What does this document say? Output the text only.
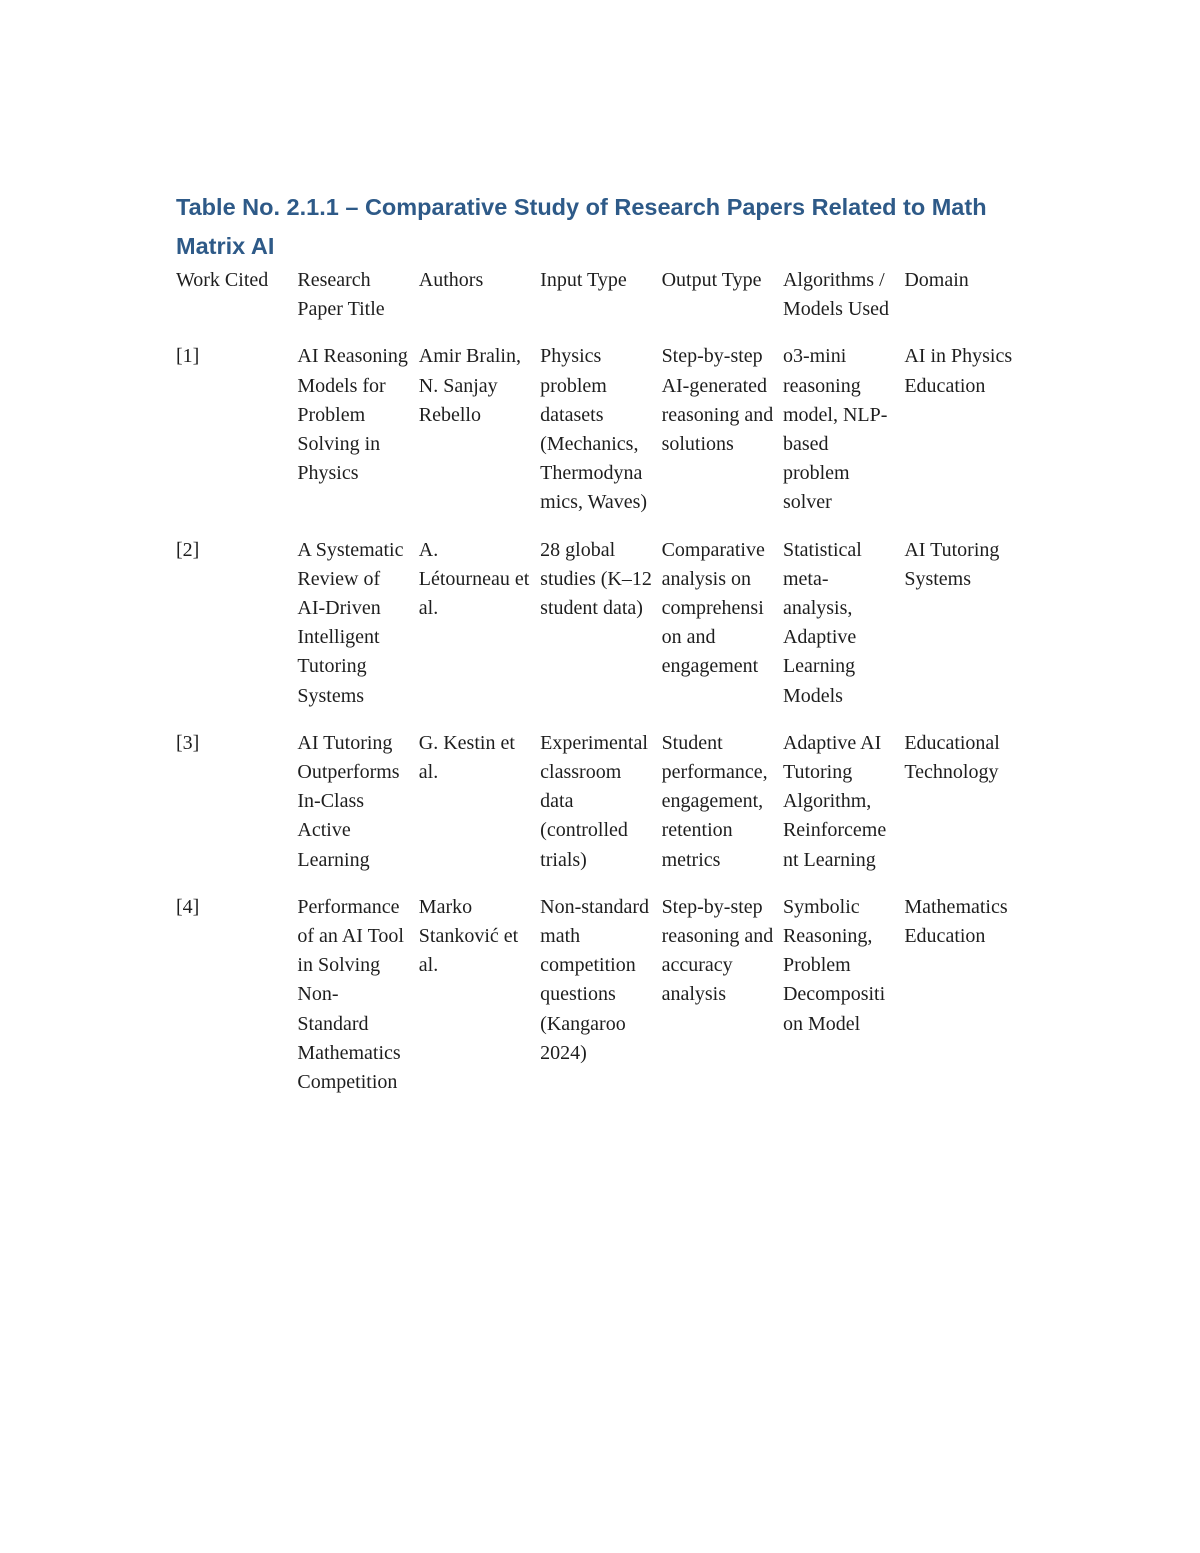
Table No. 2.1.1 – Comparative Study of Research Papers Related to Math
Matrix AI
Work Cited	Research Paper Title	Authors	Input Type	Output Type	Algorithms / Models Used	Domain

[1]	AI Reasoning Models for Problem Solving in Physics	Amir Bralin, N. Sanjay Rebello	Physics problem datasets (Mechanics, Thermodynamics, Waves)	Step-by-step AI-generated reasoning and solutions	o3-mini reasoning model, NLP-based problem solver	AI in Physics Education

[2]	A Systematic Review of AI-Driven Intelligent Tutoring Systems	A. Létourneau et al.	28 global studies (K–12 student data)	Comparative analysis on comprehension and engagement	Statistical meta-analysis, Adaptive Learning Models	AI Tutoring Systems

[3]	AI Tutoring Outperforms In-Class Active Learning	G. Kestin et al.	Experimental classroom data (controlled trials)	Student performance, engagement, retention metrics	Adaptive AI Tutoring Algorithm, Reinforcement Learning	Educational Technology

[4]	Performance of an AI Tool in Solving Non-Standard Mathematics Competition	Marko Stanković et al.	Non-standard math competition questions (Kangaroo 2024)	Step-by-step reasoning and accuracy analysis	Symbolic Reasoning, Problem Decomposition Model	Mathematics Education
